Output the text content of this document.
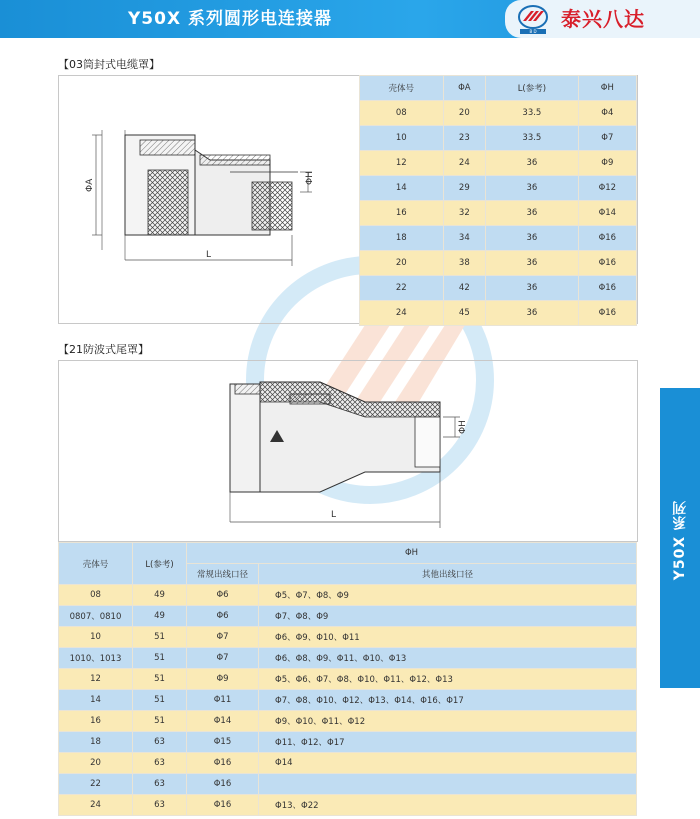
Y50X 系列圆形电连接器
B D
泰兴八达
【03筒封式电缆罩】
ΦH
ΦA
L
壳体号	ΦA	L(参考)	ΦH
08	20	33.5	Φ4
10	23	33.5	Φ7
12	24	36	Φ9
14	29	36	Φ12
16	32	36	Φ14
18	34	36	Φ16
20	38	36	Φ16
22	42	36	Φ16
24	45	36	Φ16
【21防波式尾罩】
ΦH
L
壳体号	L(参考)	ΦH	
		常规出线口径	其他出线口径
08	49	Φ6	Φ5、Φ7、Φ8、Φ9
0807、0810	49	Φ6	Φ7、Φ8、Φ9
10	51	Φ7	Φ6、Φ9、Φ10、Φ11
1010、1013	51	Φ7	Φ6、Φ8、Φ9、Φ11、Φ10、Φ13
12	51	Φ9	Φ5、Φ6、Φ7、Φ8、Φ10、Φ11、Φ12、Φ13
14	51	Φ11	Φ7、Φ8、Φ10、Φ12、Φ13、Φ14、Φ16、Φ17
16	51	Φ14	Φ9、Φ10、Φ11、Φ12
18	63	Φ15	Φ11、Φ12、Φ17
20	63	Φ16	Φ14
22	63	Φ16	
24	63	Φ16	Φ13、Φ22
Y50X 系列
